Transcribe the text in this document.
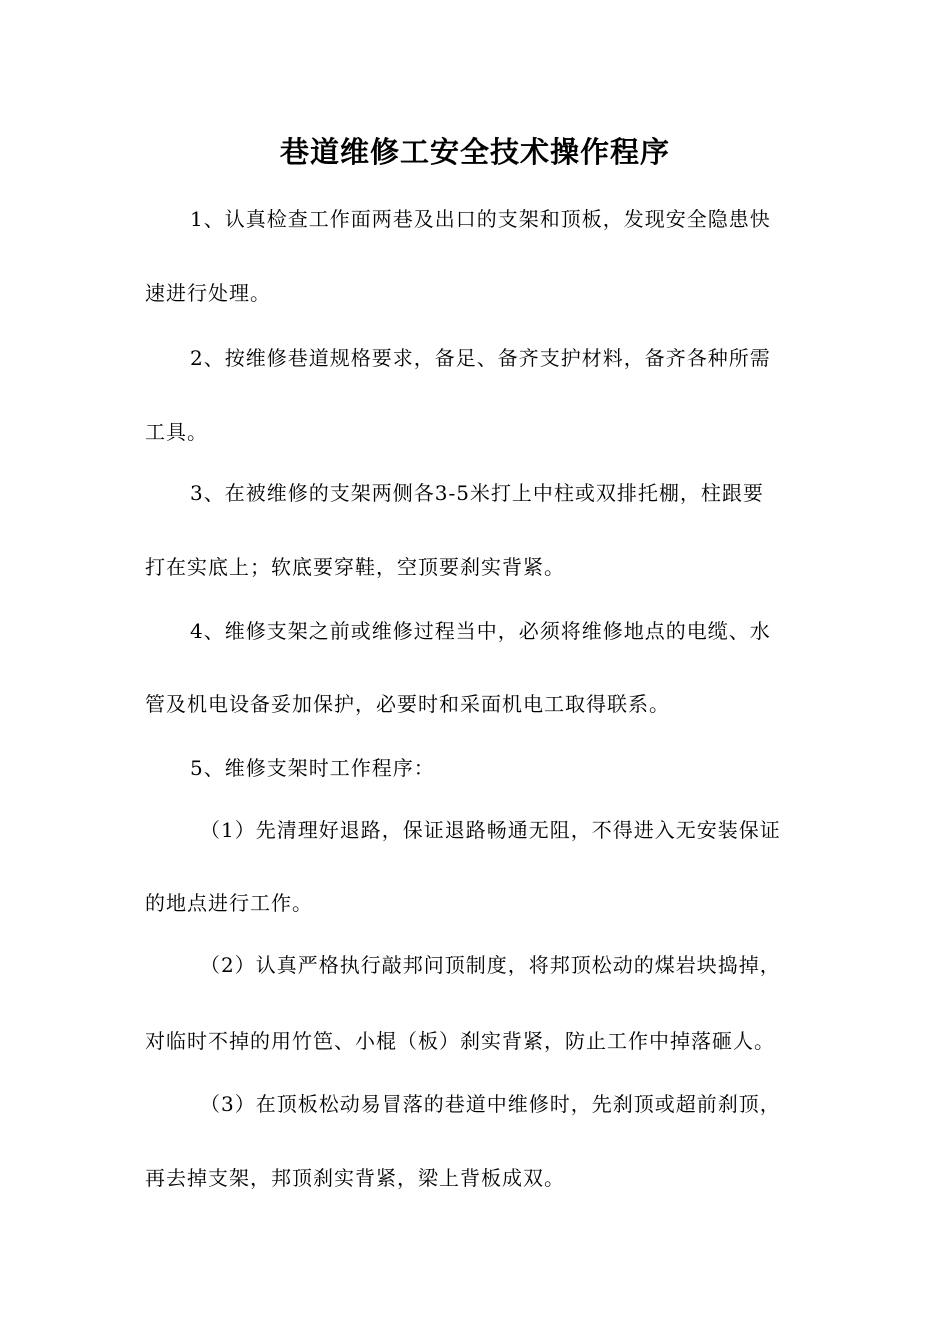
巷道维修工安全技术操作程序

1、认真检查工作面两巷及出口的支架和顶板，发现安全隐患快

速进行处理。

2、按维修巷道规格要求，备足、备齐支护材料，备齐各种所需

工具。

3、在被维修的支架两侧各3-5米打上中柱或双排托棚，柱跟要

打在实底上；软底要穿鞋，空顶要刹实背紧。

4、维修支架之前或维修过程当中，必须将维修地点的电缆、水

管及机电设备妥加保护，必要时和采面机电工取得联系。

5、维修支架时工作程序：

（1）先清理好退路，保证退路畅通无阻，不得进入无安装保证

的地点进行工作。

（2）认真严格执行敲邦问顶制度，将邦顶松动的煤岩块捣掉，

对临时不掉的用竹笆、小棍（板）刹实背紧，防止工作中掉落砸人。

（3）在顶板松动易冒落的巷道中维修时，先刹顶或超前刹顶，

再去掉支架，邦顶刹实背紧，梁上背板成双。
